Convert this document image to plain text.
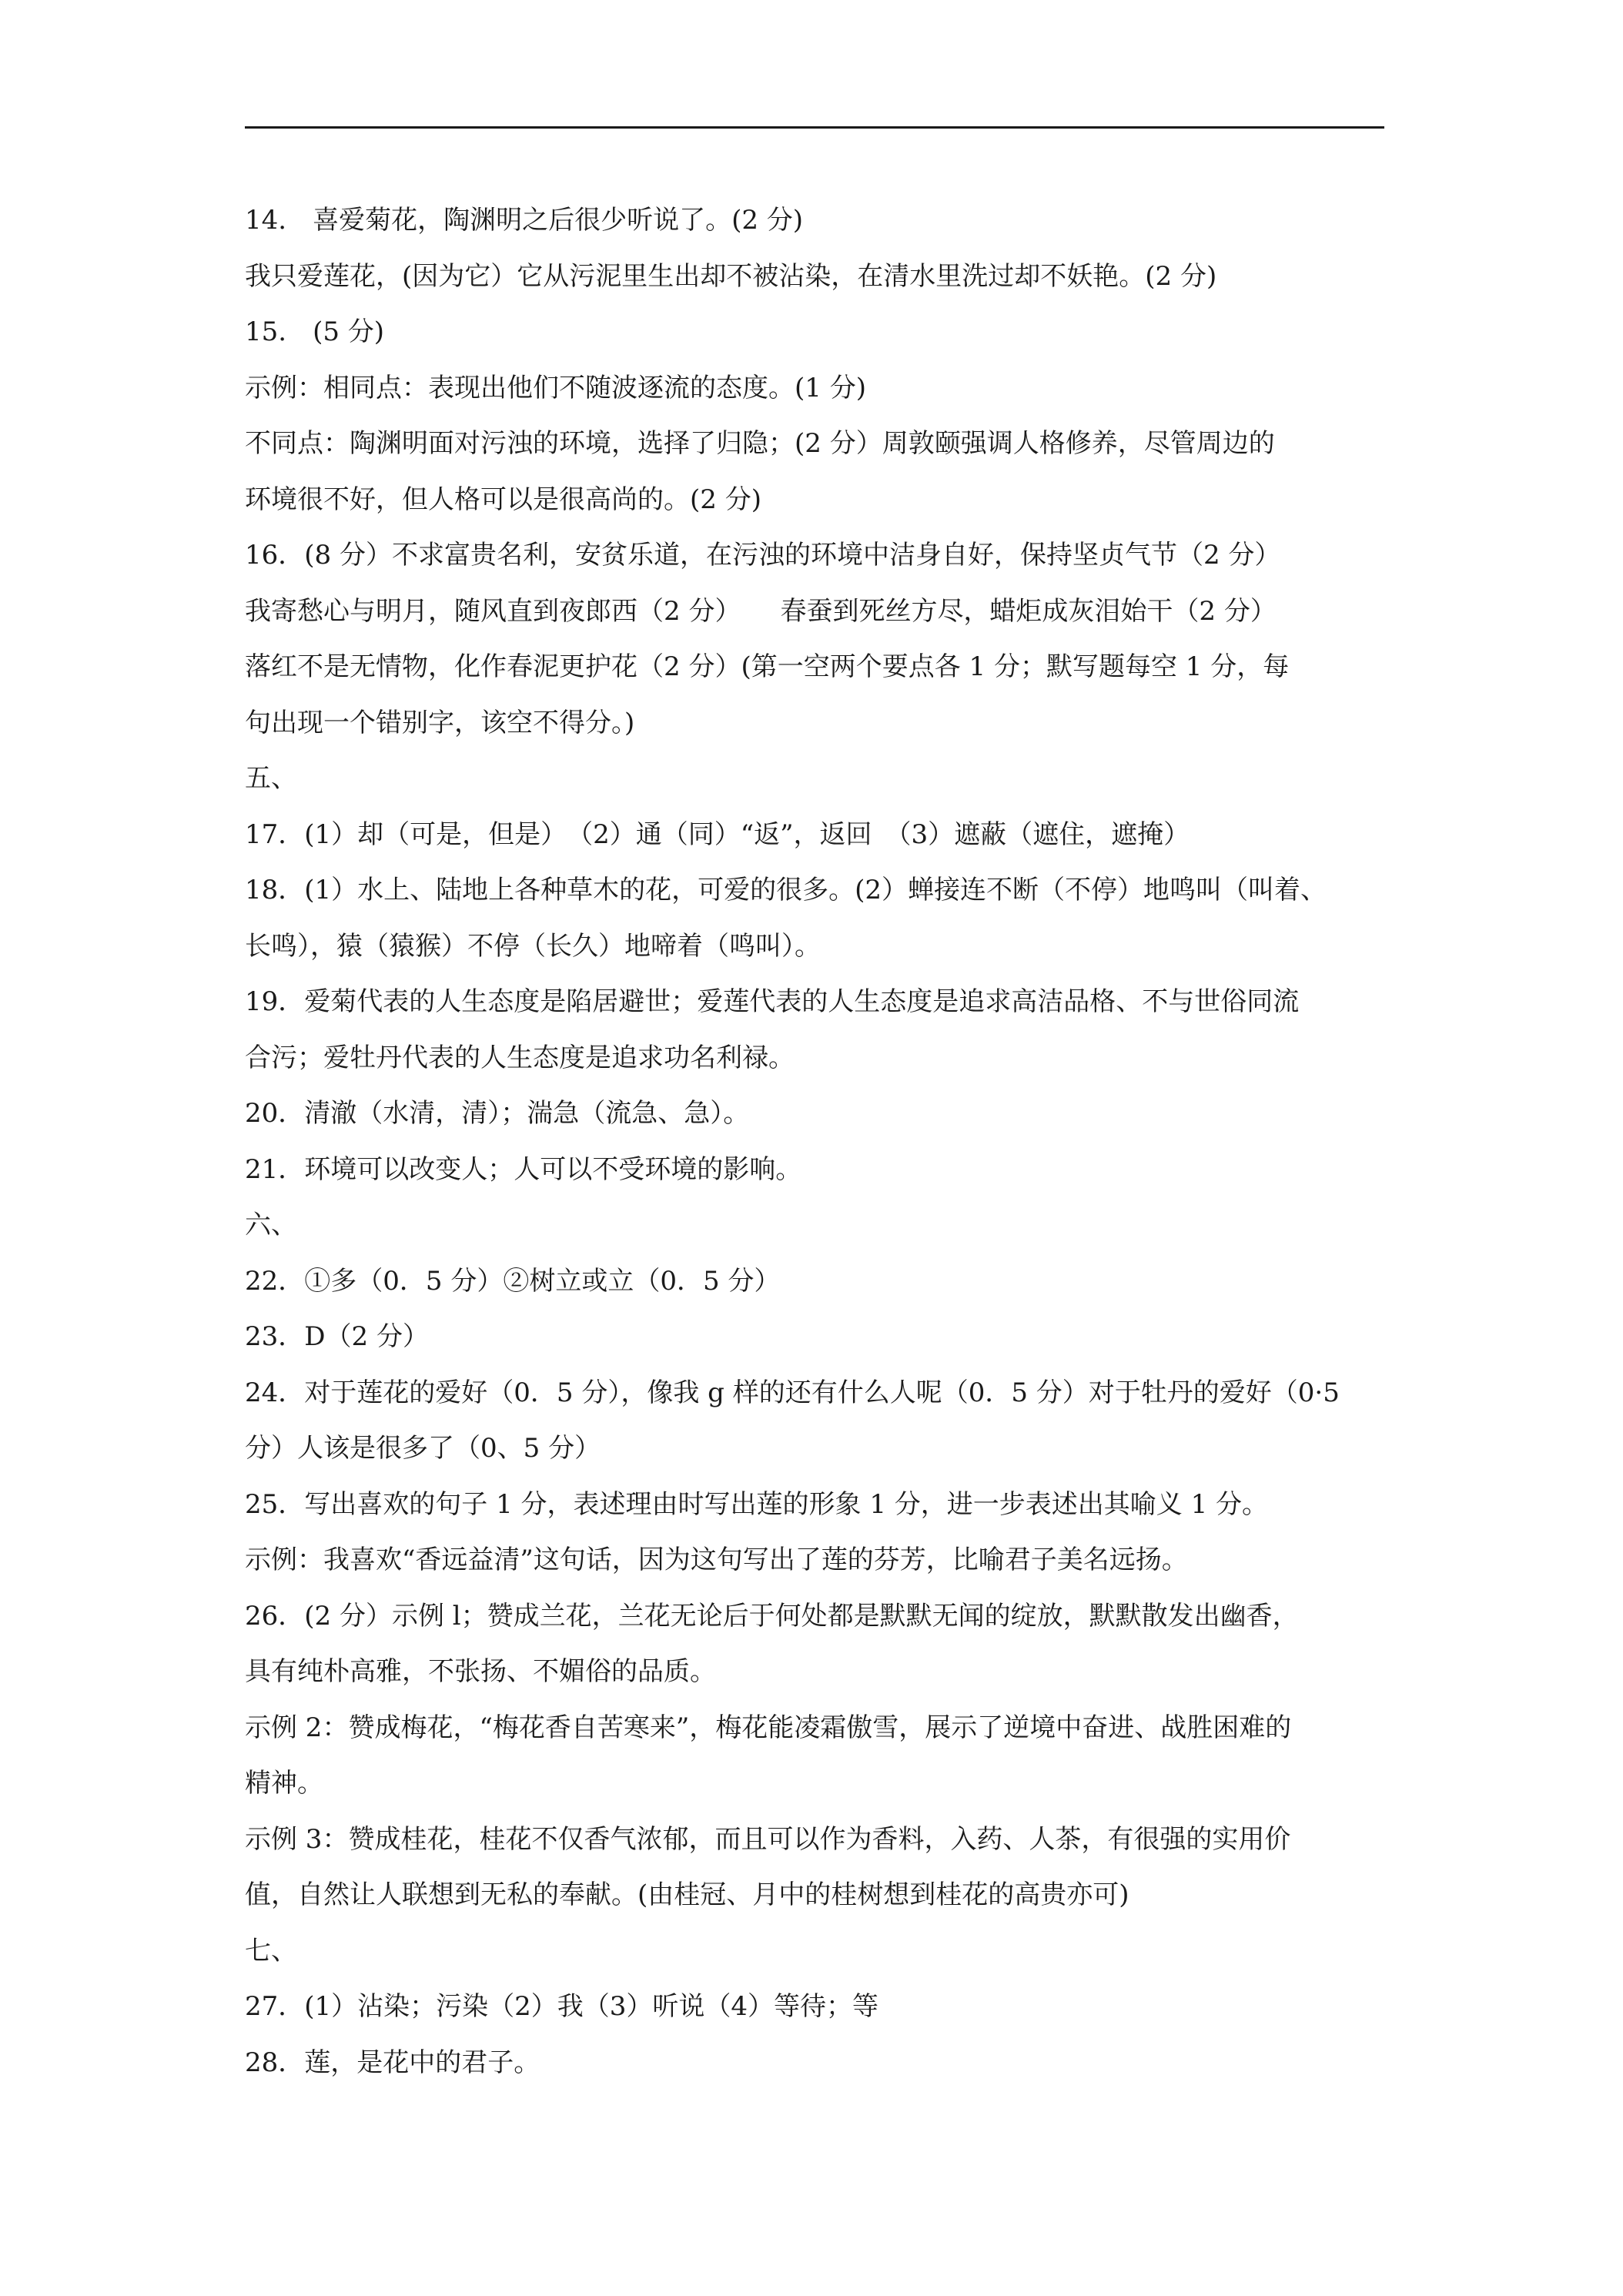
14.　喜爱菊花，陶渊明之后很少听说了。(2 分)
我只爱莲花，(因为它）它从污泥里生出却不被沾染，在清水里洗过却不妖艳。(2 分)
15.　(5 分)
示例：相同点：表现出他们不随波逐流的态度。(1 分)
不同点：陶渊明面对污浊的环境，选择了归隐；(2 分）周敦颐强调人格修养，尽管周边的
环境很不好，但人格可以是很高尚的。(2 分)
16．(8 分）不求富贵名利，安贫乐道，在污浊的环境中洁身自好，保持坚贞气节（2 分）
我寄愁心与明月，随风直到夜郎西（2 分）　　春蚕到死丝方尽，蜡炬成灰泪始干（2 分）
落红不是无情物，化作春泥更护花（2 分）(第一空两个要点各 1 分；默写题每空 1 分，每
句出现一个错别字，该空不得分。)
五、
17．(1）却（可是，但是）　（2）通（同）“返”，返回　（3）遮蔽（遮住，遮掩）
18．(1）水上、陆地上各种草木的花，可爱的很多。(2）蝉接连不断（不停）地鸣叫（叫着、
长鸣），猿（猿猴）不停（长久）地啼着（鸣叫）。
19．爱菊代表的人生态度是陷居避世；爱莲代表的人生态度是追求高洁品格、不与世俗同流
合污；爱牡丹代表的人生态度是追求功名利禄。
20．清澈（水清，清）；湍急（流急、急）。
21．环境可以改变人；人可以不受环境的影响。
六、
22．①多（0．5 分）②树立或立（0．5 分）
23．D（2 分）
24．对于莲花的爱好（0．5 分），像我 g 样的还有什么人呢（0．5 分）对于牡丹的爱好（0·5
分）人该是很多了（0、5 分）
25．写出喜欢的句子 1 分，表述理由时写出莲的形象 1 分，进一步表述出其喻义 1 分。
示例：我喜欢“香远益清”这句话，因为这句写出了莲的芬芳，比喻君子美名远扬。
26．(2 分）示例 l；赞成兰花，兰花无论后于何处都是默默无闻的绽放，默默散发出幽香，
具有纯朴高雅，不张扬、不媚俗的品质。
示例 2：赞成梅花，“梅花香自苦寒来”，梅花能凌霜傲雪，展示了逆境中奋进、战胜困难的
精神。
示例 3：赞成桂花，桂花不仅香气浓郁，而且可以作为香料，入药、人茶，有很强的实用价
值，自然让人联想到无私的奉献。(由桂冠、月中的桂树想到桂花的高贵亦可)
七、
27．(1）沾染；污染（2）我（3）听说（4）等待；等
28．莲，是花中的君子。
